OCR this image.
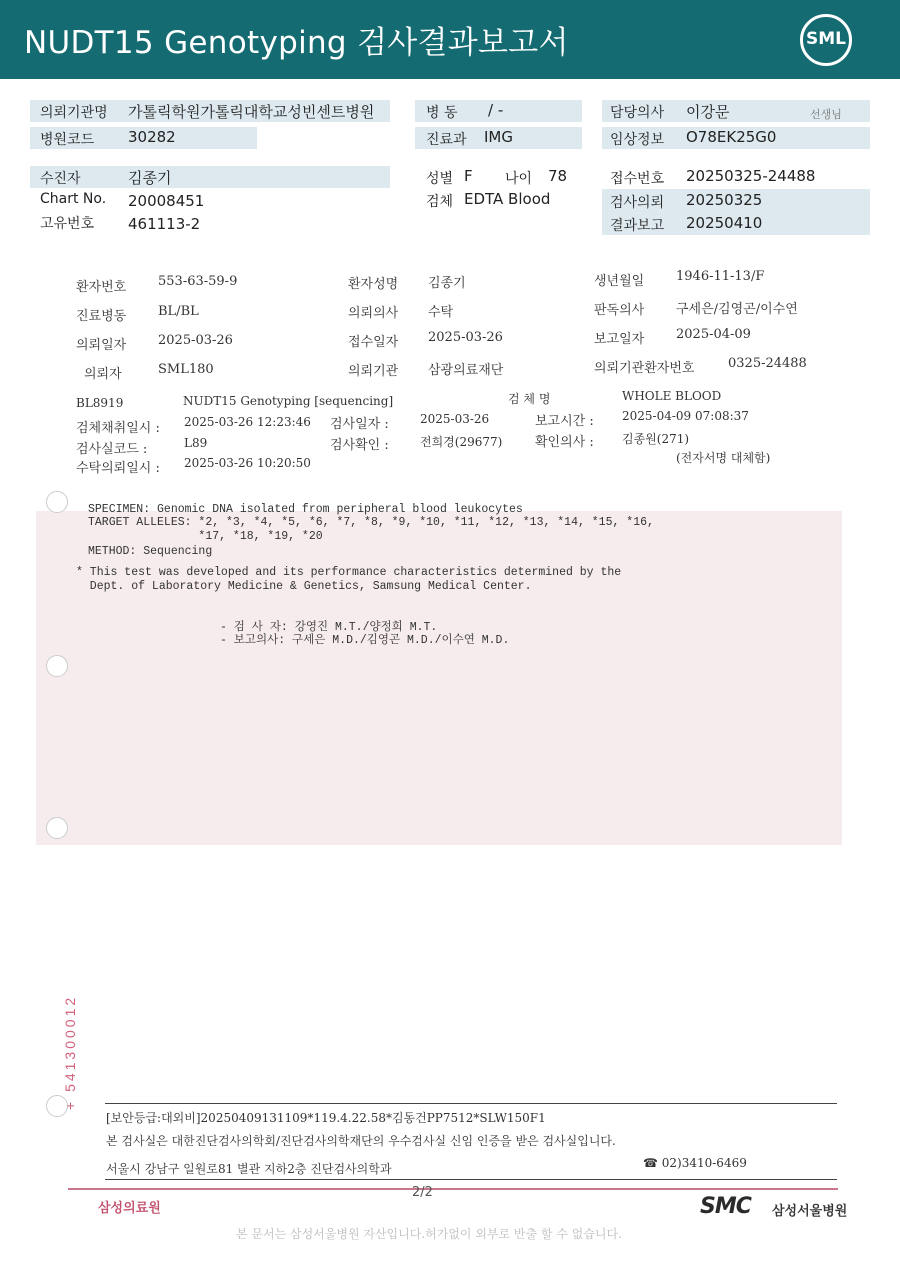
NUDT15 Genotyping 검사결과보고서	SML
의뢰기관명 가톨릭학원가톨릭대학교성빈센트병원	병 동 / -	담당의사 이강문	선생님
병원코드 30282	진료과 IMG	임상정보 O78EK25G0
수진자	김종기	성별 F 나이 78	접수번호 20250325-24488
Chart No. 20008451	검체 EDTA Blood	검사의뢰 20250325
고유번호 461113-2	결과보고 20250410
환자번호 553-63-59-9	환자성명 김종기	생년월일 1946-11-13/F
진료병동 BL/BL	의뢰의사 수탁	판독의사 구세은/김영곤/이수연
의뢰일자 2025-03-26	접수일자 2025-03-26	보고일자 2025-04-09
의뢰자	SML180	의뢰기관 삼광의료재단	의뢰기관환자번호	0325-24488
BL8919	NUDT15 Genotyping [sequencing]	검 체 명	WHOLE BLOOD
검체채취일시 : 2025-03-26 12:23:46 검사일자 :	2025-03-26	보고시간 : 2025-04-09 07:08:37
검사실코드 :	L89	검사확인 :	전희경(29677)	확인의사 : 김종원(271)
수탁의뢰일시 : 2025-03-26 10:20:50	(전자서명 대체함)
SPECIMEN: Genomic DNA isolated from peripheral blood leukocytes
TARGET ALLELES: *2, *3, *4, *5, *6, *7, *8, *9, *10, *11, *12, *13, *14, *15, *16,
*17, *18, *19, *20
METHOD: Sequencing
* This test was developed and its performance characteristics determined by the
Dept. of Laboratory Medicine & Genetics, Samsung Medical Center.
- 검 사 자: 강영진 M.T./양정희 M.T.
- 보고의사: 구세은 M.D./김영곤 M.D./이수연 M.D.
+ 541300012
[보안등급:대외비]20250409131109*119.4.22.58*김동건PP7512*SLW150F1
본 검사실은 대한진단검사의학회/진단검사의학재단의 우수검사실 신임 인증을 받은 검사실입니다.
서울시 강남구 일원로81 별관 지하2층 진단검사의학과	☎ 02)3410-6469
2/2
삼성의료원	SMC 삼성서울병원
본 문서는 삼성서울병원 자산입니다.허가없이 외부로 반출 할 수 없습니다.
